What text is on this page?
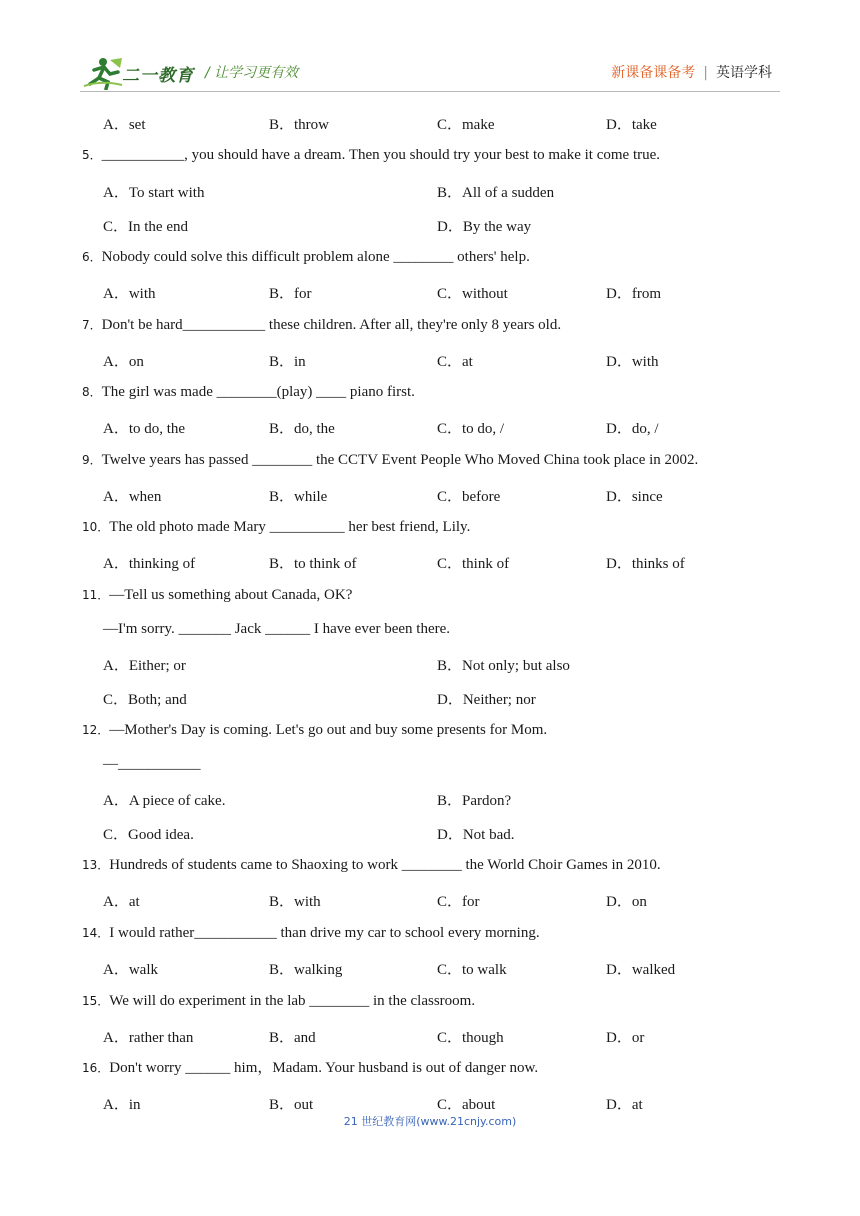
二一教育 / 让学习更有效	新课备课备考 | 英语学科
A．set	B．throw	C．make	D．take
5．___________, you should have a dream. Then you should try your best to make it come true.
A．To start with	B．All of a sudden
C．In the end	D．By the way
6．Nobody could solve this difficult problem alone ________ others' help.
A．with	B．for	C．without	D．from
7．Don't be hard___________ these children. After all, they're only 8 years old.
A．on	B．in	C．at	D．with
8．The girl was made ________(play) ____ piano first.
A．to do, the	B．do, the	C．to do, /	D．do, /
9．Twelve years has passed ________ the CCTV Event People Who Moved China took place in 2002.
A．when	B．while	C．before	D．since
10．The old photo made Mary __________ her best friend, Lily.
A．thinking of	B．to think of	C．think of	D．thinks of
11．—Tell us something about Canada, OK?
—I'm sorry. _______ Jack ______ I have ever been there.
A．Either; or	B．Not only; but also
C．Both; and	D．Neither; nor
12．—Mother's Day is coming. Let's go out and buy some presents for Mom.
—___________
A．A piece of cake.	B．Pardon?
C．Good idea.	D．Not bad.
13．Hundreds of students came to Shaoxing to work ________ the World Choir Games in 2010.
A．at	B．with	C．for	D．on
14．I would rather___________ than drive my car to school every morning.
A．walk	B．walking	C．to walk	D．walked
15．We will do experiment in the lab ________ in the classroom.
A．rather than	B．and	C．though	D．or
16．Don't worry ______ him，Madam. Your husband is out of danger now.
A．in	B．out	C．about	D．at
21 世纪教育网(www.21cnjy.com)
